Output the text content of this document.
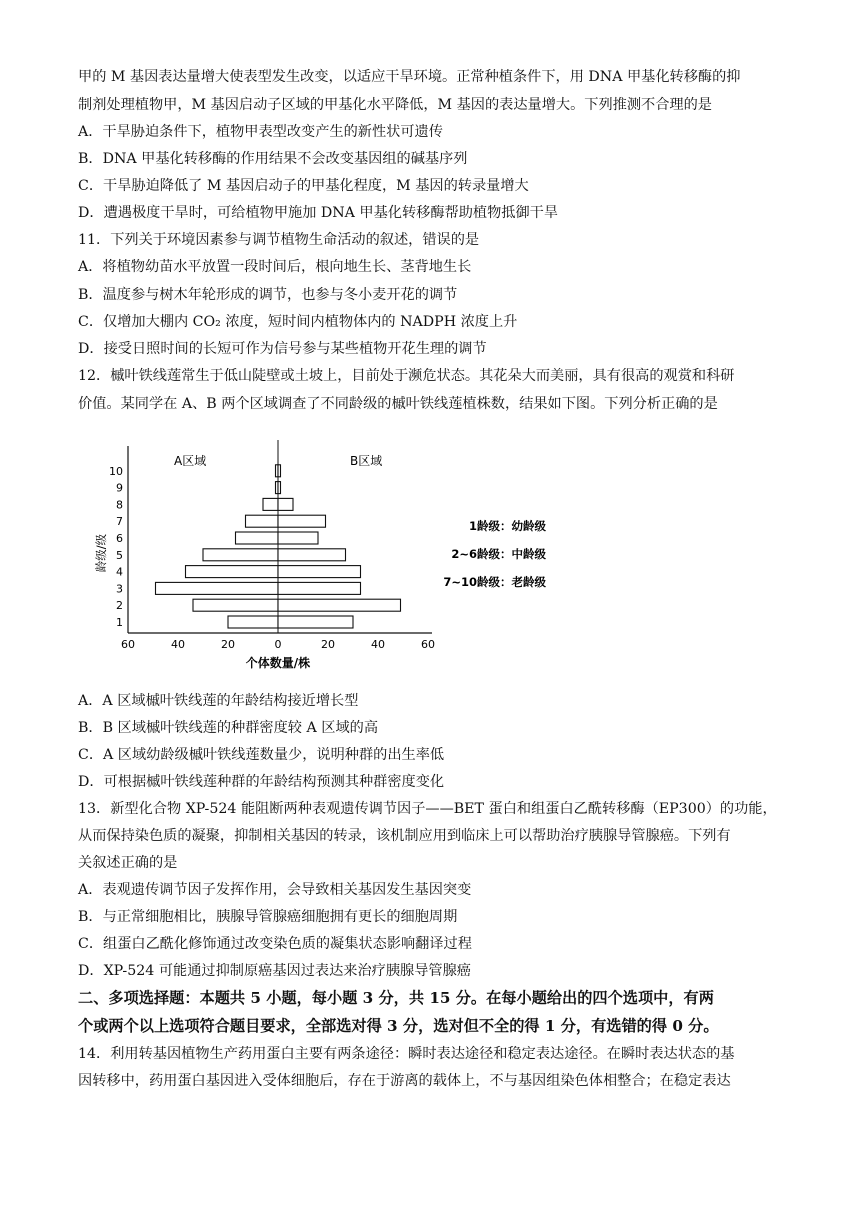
甲的 M 基因表达量增大使表型发生改变，以适应干旱环境。正常种植条件下，用 DNA 甲基化转移酶的抑
制剂处理植物甲，M 基因启动子区域的甲基化水平降低，M 基因的表达量增大。下列推测不合理的是
A．干旱胁迫条件下，植物甲表型改变产生的新性状可遗传
B．DNA 甲基化转移酶的作用结果不会改变基因组的碱基序列
C．干旱胁迫降低了 M 基因启动子的甲基化程度，M 基因的转录量增大
D．遭遇极度干旱时，可给植物甲施加 DNA 甲基化转移酶帮助植物抵御干旱
11．下列关于环境因素参与调节植物生命活动的叙述，错误的是
A．将植物幼苗水平放置一段时间后，根向地生长、茎背地生长
B．温度参与树木年轮形成的调节，也参与冬小麦开花的调节
C．仅增加大棚内 CO₂ 浓度，短时间内植物体内的 NADPH 浓度上升
D．接受日照时间的长短可作为信号参与某些植物开花生理的调节
12．槭叶铁线莲常生于低山陡壁或土坡上，目前处于濒危状态。其花朵大而美丽，具有很高的观赏和科研
价值。某同学在 A、B 两个区域调查了不同龄级的槭叶铁线莲植株数，结果如下图。下列分析正确的是
1
2
3
4
5
6
7
8
9
10
60	40	20	0	20	40	60
A区域	B区域
龄级/级
个体数量/株
1龄级：幼龄级
2~6龄级：中龄级
7~10龄级：老龄级
A．A 区域槭叶铁线莲的年龄结构接近增长型
B．B 区域槭叶铁线莲的种群密度较 A 区域的高
C．A 区域幼龄级槭叶铁线莲数量少，说明种群的出生率低
D．可根据槭叶铁线莲种群的年龄结构预测其种群密度变化
13．新型化合物 XP-524 能阻断两种表观遗传调节因子——BET 蛋白和组蛋白乙酰转移酶（EP300）的功能，
从而保持染色质的凝聚，抑制相关基因的转录，该机制应用到临床上可以帮助治疗胰腺导管腺癌。下列有
关叙述正确的是
A．表观遗传调节因子发挥作用，会导致相关基因发生基因突变
B．与正常细胞相比，胰腺导管腺癌细胞拥有更长的细胞周期
C．组蛋白乙酰化修饰通过改变染色质的凝集状态影响翻译过程
D．XP-524 可能通过抑制原癌基因过表达来治疗胰腺导管腺癌
二、多项选择题：本题共 5 小题，每小题 3 分，共 15 分。在每小题给出的四个选项中，有两
个或两个以上选项符合题目要求，全部选对得 3 分，选对但不全的得 1 分，有选错的得 0 分。
14．利用转基因植物生产药用蛋白主要有两条途径：瞬时表达途径和稳定表达途径。在瞬时表达状态的基
因转移中，药用蛋白基因进入受体细胞后，存在于游离的载体上，不与基因组染色体相整合；在稳定表达
